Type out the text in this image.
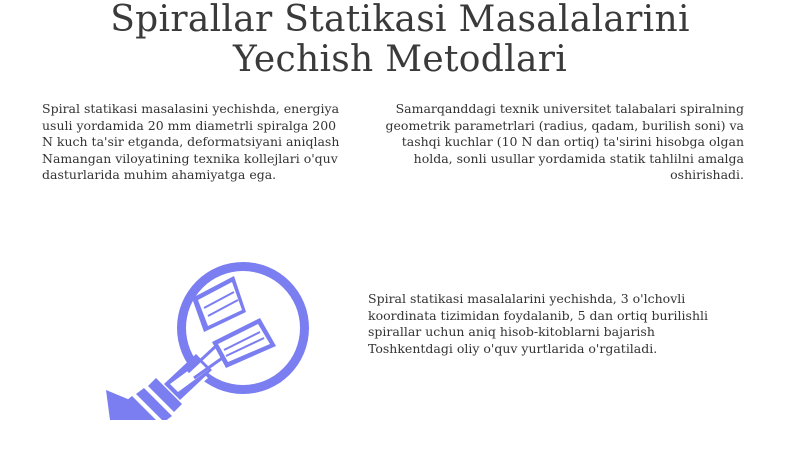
Spirallar Statikasi Masalalarini
Yechish Metodlari

Spiral statikasi masalasini yechishda, energiya usuli yordamida 20 mm diametrli spiralga 200 N kuch ta'sir etganda, deformatsiyani aniqlash Namangan viloyatining texnika kollejlari o'quv dasturlarida muhim ahamiyatga ega.

Samarqanddagi texnik universitet talabalari spiralning geometrik parametrlari (radius, qadam, burilish soni) va tashqi kuchlar (10 N dan ortiq) ta'sirini hisobga olgan holda, sonli usullar yordamida statik tahlilni amalga oshirishadi.

Spiral statikasi masalalarini yechishda, 3 o'lchovli koordinata tizimidan foydalanib, 5 dan ortiq burilishli spirallar uchun aniq hisob-kitoblarni bajarish Toshkentdagi oliy o'quv yurtlarida o'rgatiladi.
